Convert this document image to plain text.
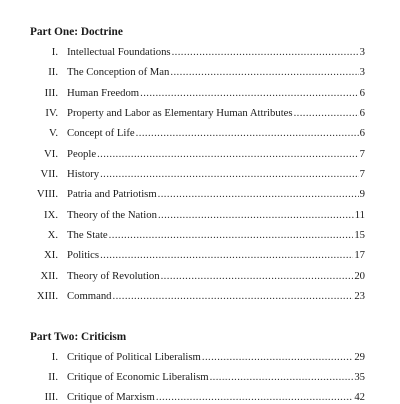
Part One: Doctrine
I. Intellectual Foundations .....	3
II. The Conception of Man .....	3
III. Human Freedom .....	6
IV. Property and Labor as Elementary Human Attributes .....	6
V. Concept of Life .....	6
VI. People .....	7
VII. History .....	7
VIII. Patria and Patriotism .....	9
IX. Theory of the Nation .....	11
X. The State .....	15
XI. Politics .....	17
XII. Theory of Revolution .....	20
XIII. Command .....	23
Part Two: Criticism
I. Critique of Political Liberalism .....	29
II. Critique of Economic Liberalism .....	35
III. Critique of Marxism .....	42
